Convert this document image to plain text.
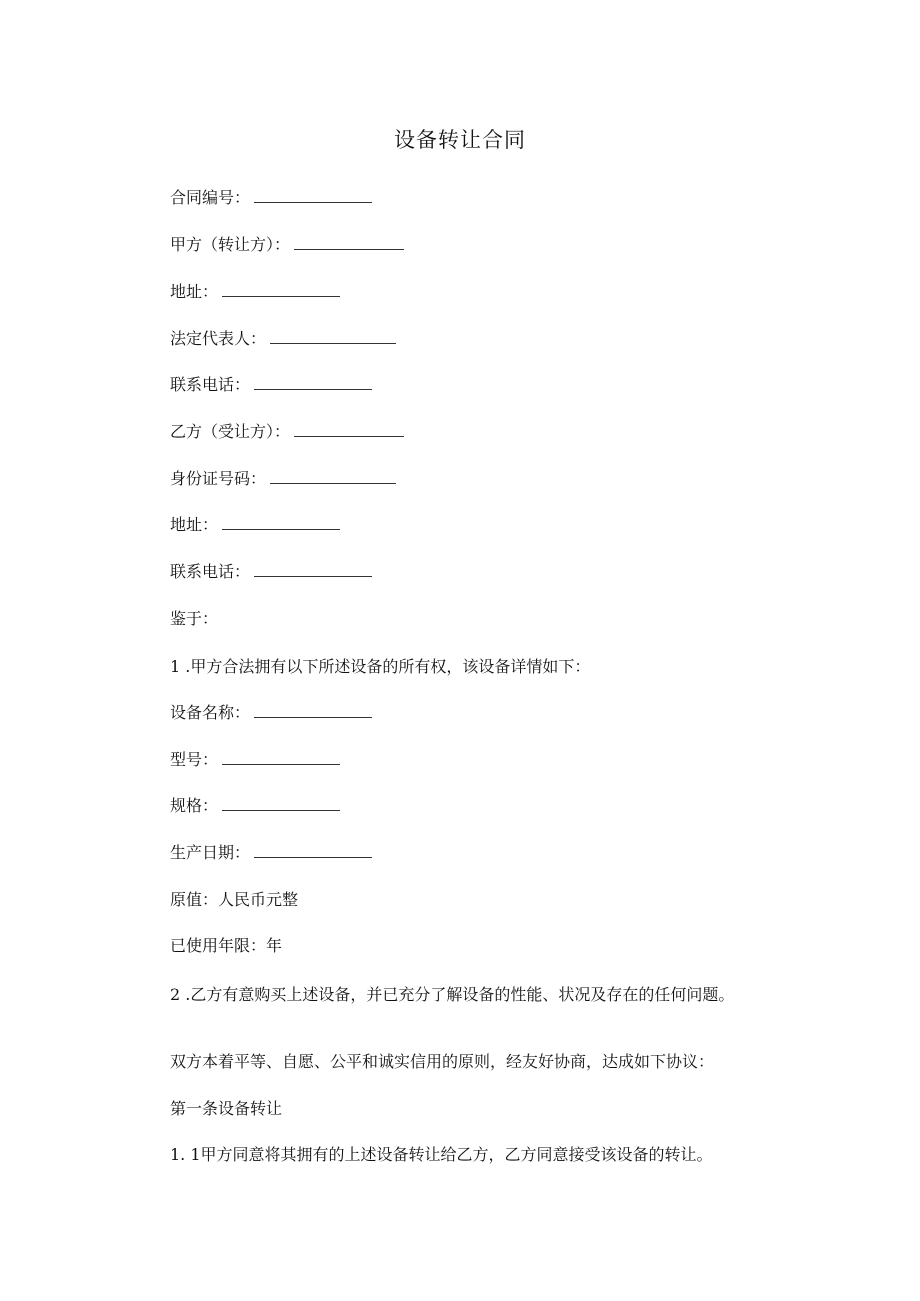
设备转让合同
合同编号：
甲方（转让方）：
地址：
法定代表人：
联系电话：
乙方（受让方）：
身份证号码：
地址：
联系电话：
鉴于：
1 .甲方合法拥有以下所述设备的所有权，该设备详情如下：
设备名称：
型号：
规格：
生产日期：
原值：人民币元整
已使用年限：年
2 .乙方有意购买上述设备，并已充分了解设备的性能、状况及存在的任何问题。
双方本着平等、自愿、公平和诚实信用的原则，经友好协商，达成如下协议：
第一条设备转让
1. 1甲方同意将其拥有的上述设备转让给乙方，乙方同意接受该设备的转让。
